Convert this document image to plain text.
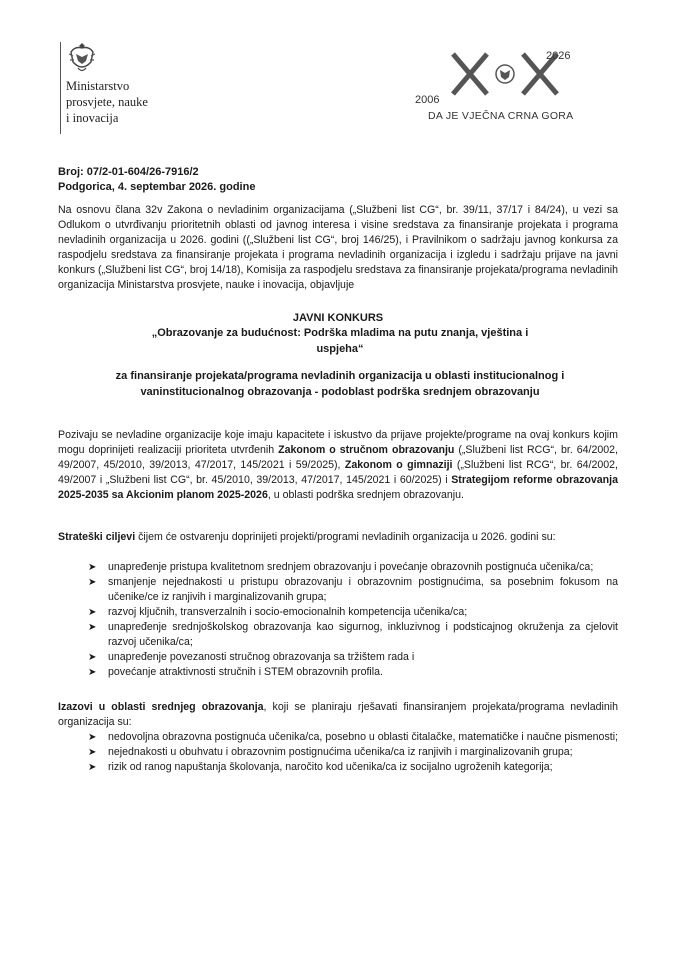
Ministarstvo
prosvjete, nauke
i inovacija
2006
2026
DA JE VJEČNA CRNA GORA
Broj: 07/2-01-604/26-7916/2
Podgorica, 4. septembar 2026. godine

Na osnovu člana 32v Zakona o nevladinim organizacijama („Službeni list CG“, br. 39/11, 37/17 i 84/24), u vezi sa Odlukom o utvrđivanju prioritetnih oblasti od javnog interesa i visine sredstava za finansiranje projekata i programa nevladinih organizacija u 2026. godini ((„Službeni list CG“, broj 146/25), i Pravilnikom o sadržaju javnog konkursa za raspodjelu sredstava za finansiranje projekata i programa nevladinih organizacija i izgledu i sadržaju prijave na javni konkurs („Službeni list CG“, broj 14/18), Komisija za raspodjelu sredstava za finansiranje projekata/programa nevladinih organizacija Ministarstva prosvjete, nauke i inovacija, objavljuje

JAVNI KONKURS
„Obrazovanje za budućnost: Podrška mladima na putu znanja, vještina i uspjeha“
za finansiranje projekata/programa nevladinih organizacija u oblasti institucionalnog i vaninstitucionalnog obrazovanja - podoblast podrška srednjem obrazovanju

Pozivaju se nevladine organizacije koje imaju kapacitete i iskustvo da prijave projekte/programe na ovaj konkurs kojim mogu doprinijeti realizaciji prioriteta utvrđenih Zakonom o stručnom obrazovanju („Službeni list RCG“, br. 64/2002, 49/2007, 45/2010, 39/2013, 47/2017, 145/2021 i 59/2025), Zakonom o gimnaziji („Službeni list RCG“, br. 64/2002, 49/2007 i „Službeni list CG“, br. 45/2010, 39/2013, 47/2017, 145/2021 i 60/2025) i Strategijom reforme obrazovanja 2025-2035 sa Akcionim planom 2025-2026, u oblasti podrška srednjem obrazovanju.

Strateški ciljevi čijem će ostvarenju doprinijeti projekti/programi nevladinih organizacija u 2026. godini su:

➤ unapređenje pristupa kvalitetnom srednjem obrazovanju i povećanje obrazovnih postignuća učenika/ca;
➤ smanjenje nejednakosti u pristupu obrazovanju i obrazovnim postignućima, sa posebnim fokusom na učenike/ce iz ranjivih i marginalizovanih grupa;
➤ razvoj ključnih, transverzalnih i socio-emocionalnih kompetencija učenika/ca;
➤ unapređenje srednjoškolskog obrazovanja kao sigurnog, inkluzivnog i podsticajnog okruženja za cjelovit razvoj učenika/ca;
➤ unapređenje povezanosti stručnog obrazovanja sa tržištem rada i
➤ povećanje atraktivnosti stručnih i STEM obrazovnih profila.

Izazovi u oblasti srednjeg obrazovanja, koji se planiraju rješavati finansiranjem projekata/programa nevladinih organizacija su:

➤ nedovoljna obrazovna postignuća učenika/ca, posebno u oblasti čitalačke, matematičke i naučne pismenosti;
➤ nejednakosti u obuhvatu i obrazovnim postignućima učenika/ca iz ranjivih i marginalizovanih grupa;
➤ rizik od ranog napuštanja školovanja, naročito kod učenika/ca iz socijalno ugroženih kategorija;
